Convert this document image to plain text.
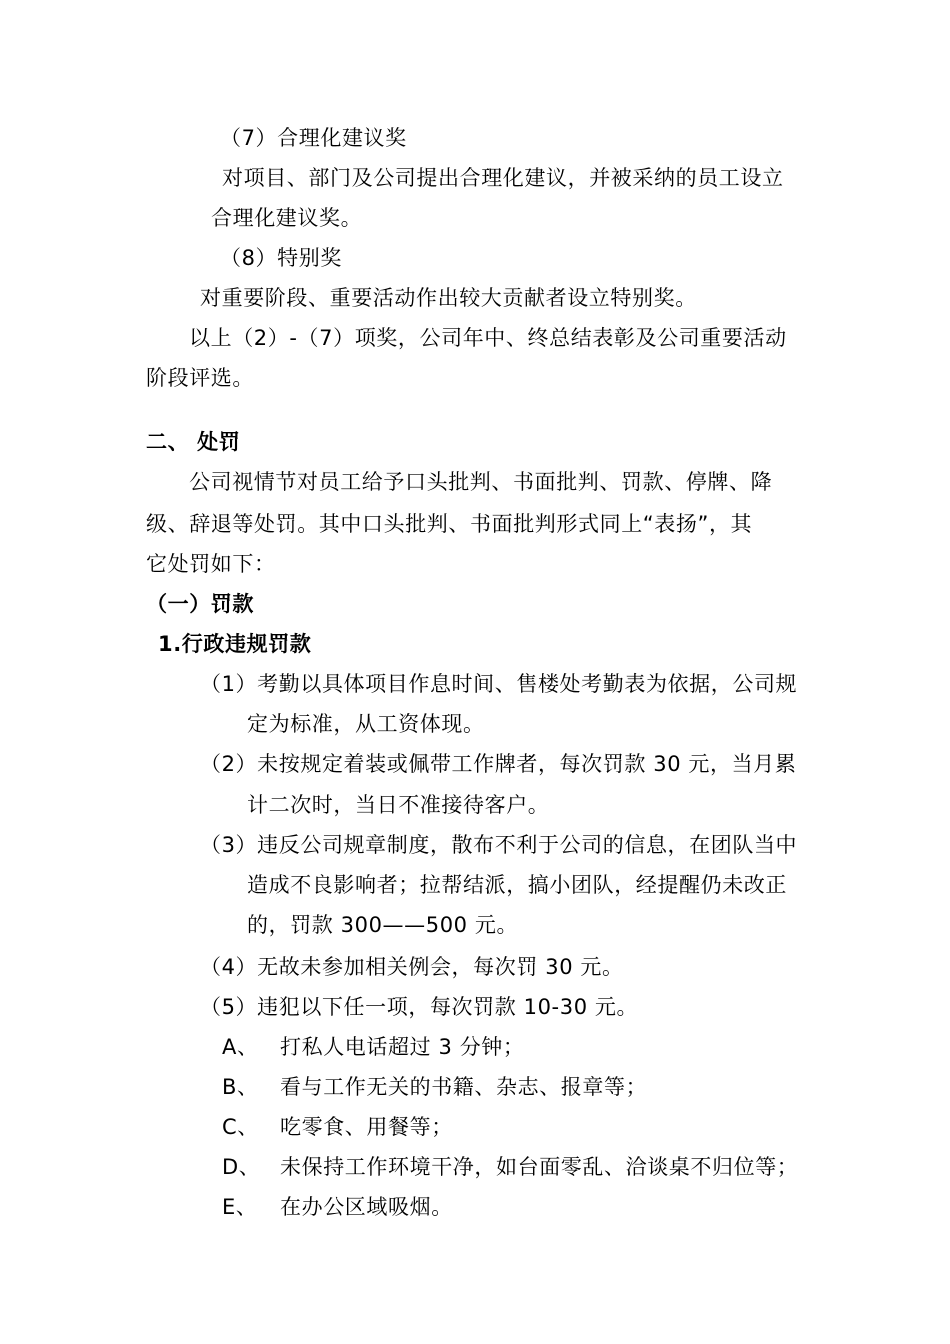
（7）合理化建议奖
对项目、部门及公司提出合理化建议，并被采纳的员工设立
合理化建议奖。
（8）特别奖
对重要阶段、重要活动作出较大贡献者设立特别奖。
以上（2）-（7）项奖，公司年中、终总结表彰及公司重要活动
阶段评选。
二、 处罚
公司视情节对员工给予口头批判、书面批判、罚款、停牌、降
级、辞退等处罚。其中口头批判、书面批判形式同上“表扬”，其
它处罚如下：
（一）罚款
1.行政违规罚款
（1）考勤以具体项目作息时间、售楼处考勤表为依据，公司规
定为标准，从工资体现。
（2）未按规定着装或佩带工作牌者，每次罚款 30 元，当月累
计二次时，当日不准接待客户。
（3）违反公司规章制度，散布不利于公司的信息，在团队当中
造成不良影响者；拉帮结派，搞小团队，经提醒仍未改正
的，罚款 300——500 元。
（4）无故未参加相关例会，每次罚 30 元。
（5）违犯以下任一项，每次罚款 10-30 元。
A、 打私人电话超过 3 分钟；
B、 看与工作无关的书籍、杂志、报章等；
C、 吃零食、用餐等；
D、 未保持工作环境干净，如台面零乱、洽谈桌不归位等；
E、 在办公区域吸烟。
